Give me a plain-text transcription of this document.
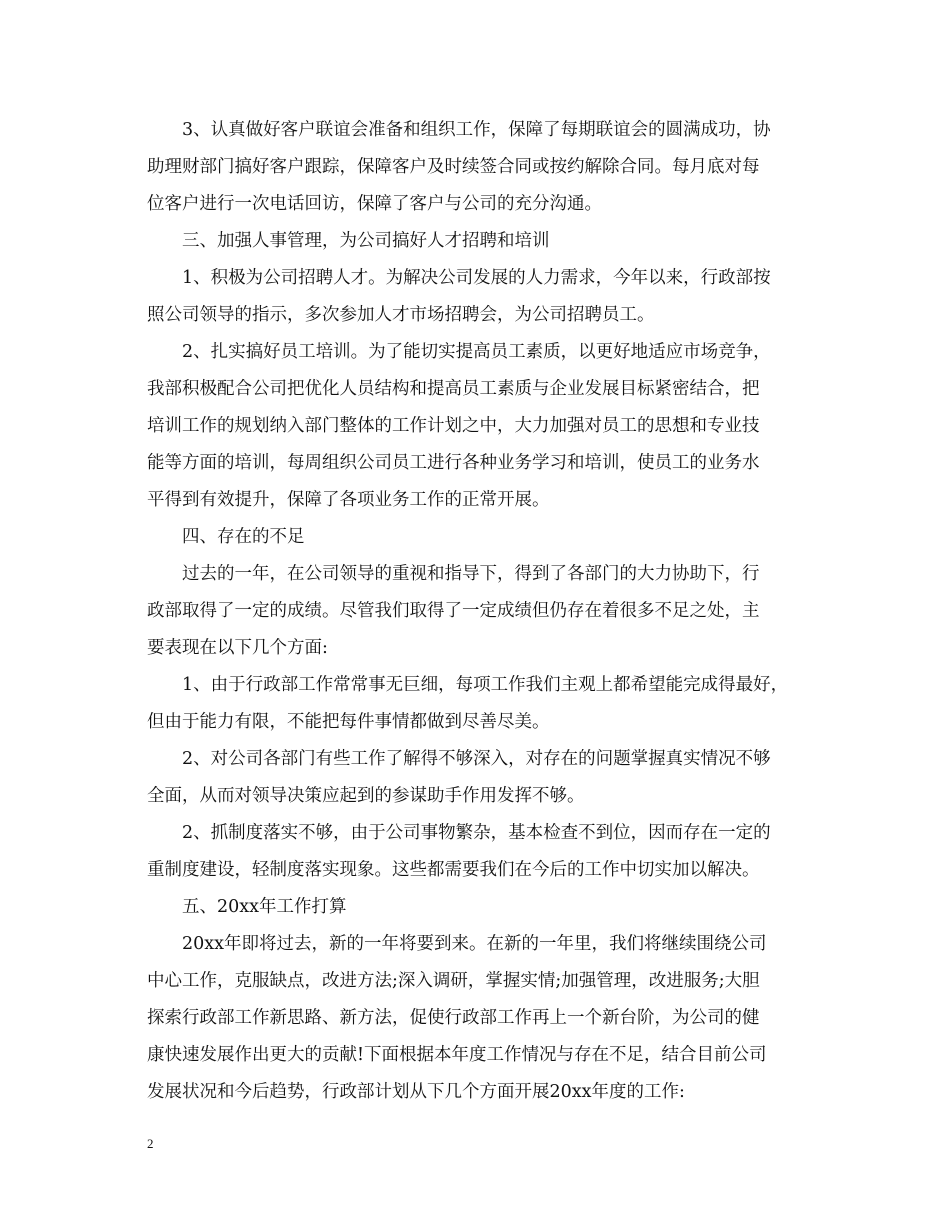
　　3、认真做好客户联谊会准备和组织工作，保障了每期联谊会的圆满成功，协
助理财部门搞好客户跟踪，保障客户及时续签合同或按约解除合同。每月底对每
位客户进行一次电话回访，保障了客户与公司的充分沟通。
　　三、加强人事管理，为公司搞好人才招聘和培训
　　1、积极为公司招聘人才。为解决公司发展的人力需求，今年以来，行政部按
照公司领导的指示，多次参加人才市场招聘会，为公司招聘员工。
　　2、扎实搞好员工培训。为了能切实提高员工素质，以更好地适应市场竞争，
我部积极配合公司把优化人员结构和提高员工素质与企业发展目标紧密结合，把
培训工作的规划纳入部门整体的工作计划之中，大力加强对员工的思想和专业技
能等方面的培训，每周组织公司员工进行各种业务学习和培训，使员工的业务水
平得到有效提升，保障了各项业务工作的正常开展。
　　四、存在的不足
　　过去的一年，在公司领导的重视和指导下，得到了各部门的大力协助下，行
政部取得了一定的成绩。尽管我们取得了一定成绩但仍存在着很多不足之处，主
要表现在以下几个方面:
　　1、由于行政部工作常常事无巨细，每项工作我们主观上都希望能完成得最好，
但由于能力有限，不能把每件事情都做到尽善尽美。
　　2、对公司各部门有些工作了解得不够深入，对存在的问题掌握真实情况不够
全面，从而对领导决策应起到的参谋助手作用发挥不够。
　　2、抓制度落实不够，由于公司事物繁杂，基本检查不到位，因而存在一定的
重制度建设，轻制度落实现象。这些都需要我们在今后的工作中切实加以解决。
　　五、20xx年工作打算
　　20xx年即将过去，新的一年将要到来。在新的一年里，我们将继续围绕公司
中心工作，克服缺点，改进方法;深入调研，掌握实情;加强管理，改进服务;大胆
探索行政部工作新思路、新方法，促使行政部工作再上一个新台阶，为公司的健
康快速发展作出更大的贡献!下面根据本年度工作情况与存在不足，结合目前公司
发展状况和今后趋势，行政部计划从下几个方面开展20xx年度的工作:
2
